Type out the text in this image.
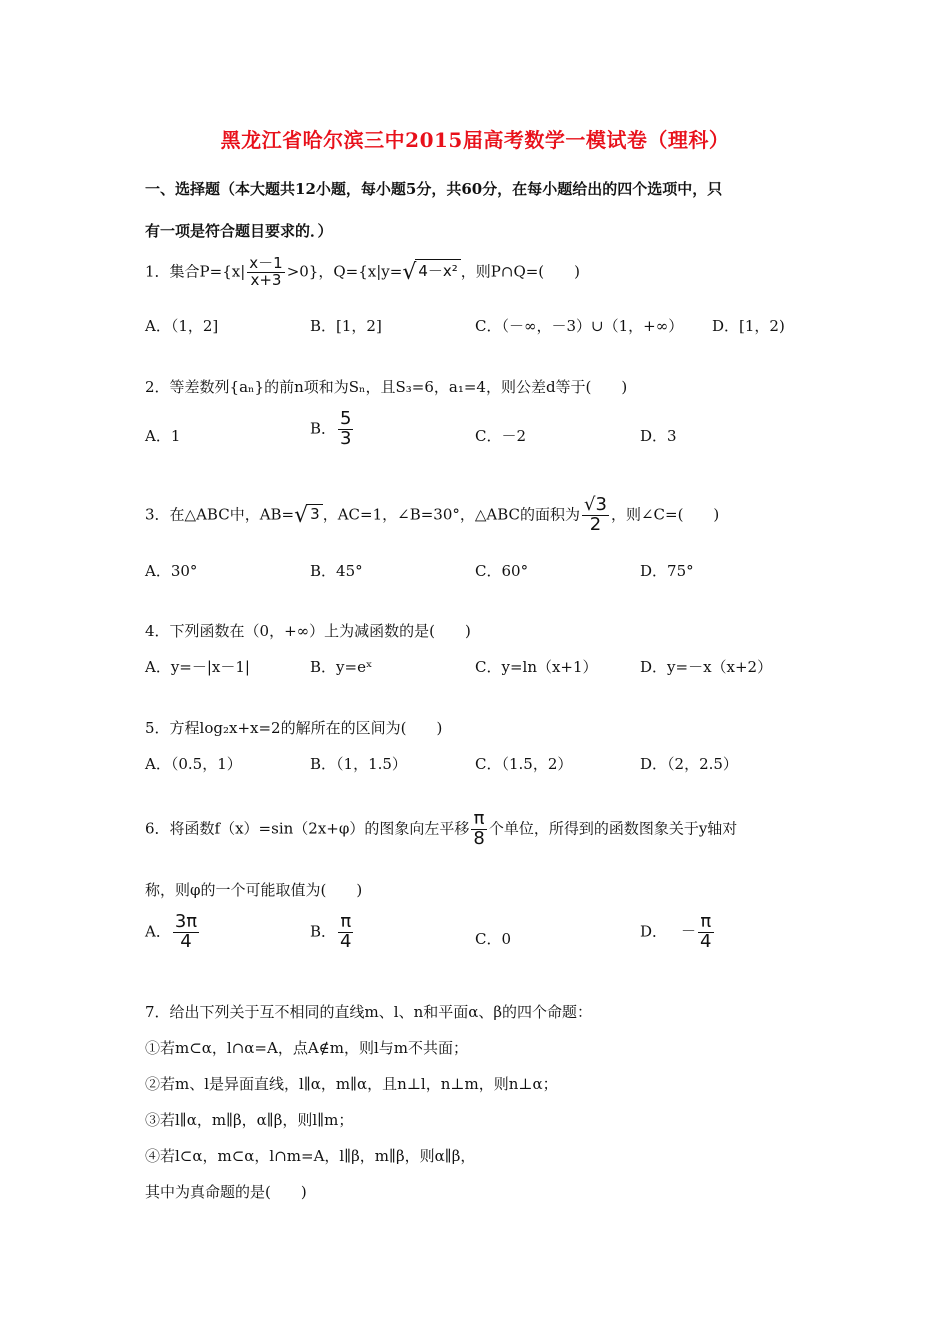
黑龙江省哈尔滨三中2015届高考数学一模试卷（理科）
一、选择题（本大题共12小题，每小题5分，共60分，在每小题给出的四个选项中，只
有一项是符合题目要求的．）
1．集合$P=\{x| \frac{x-1}{x+3} >0\}$，Q={x|y=√ 4－x² ，则P∩Q=(　　)
A．（1，2]	B．[1，2]	C．（－∞，－3）∪（1，+∞） D．[1，2)
2．等差数列{aₙ}的前n项和为Sₙ，且S₃=6，a₁=4，则公差d等于(　　)
A．1	B． $\frac{5}{3}$	C．－2	D．3
3．在△ABC中，AB=√ 3 ，AC=1，∠B=30°，△ABC的面积为 $\frac{√3}{2}$ ，则∠C=(　　)
A．30°	B．45°	C．60°	D．75°
4．下列函数在（0，+∞）上为减函数的是(　　)
A．y=－|x－1|	B．y=eˣ	C．y=ln（x+1）	D．y=－x（x+2）
5．方程log₂x+x=2的解所在的区间为(　　)
A．（0.5，1）	B．（1，1.5）	C．（1.5，2）	D．（2，2.5）
6．将函数f（x）=sin（2x+φ）的图象向左平移 $\frac{\pi}{8}$ 个单位，所得到的函数图象关于y轴对
称，则φ的一个可能取值为(　　)
A． $\frac{3\pi}{4}$	B． $\frac{\pi}{4}$	C．0	D． － $\frac{\pi}{4}$
7．给出下列关于互不相同的直线m、l、n和平面α、β的四个命题：
①若m⊂α，l∩α=A，点A∉m，则l与m不共面；
②若m、l是异面直线，l∥α，m∥α，且n⊥l，n⊥m，则n⊥α；
③若l∥α，m∥β，α∥β，则l∥m；
④若l⊂α，m⊂α，l∩m=A，l∥β，m∥β，则α∥β，
其中为真命题的是(　　)
